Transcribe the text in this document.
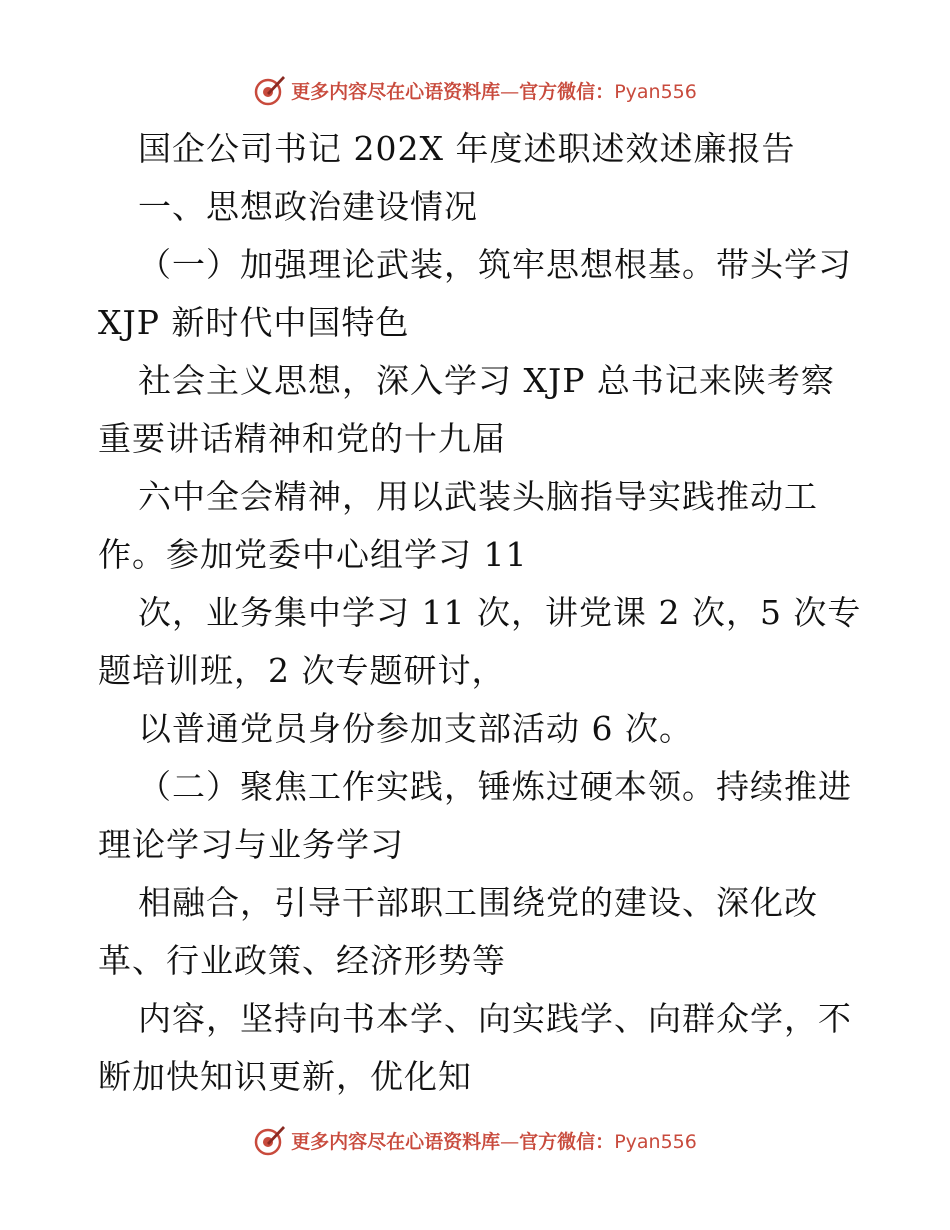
更多内容尽在心语资料库—官方微信：Pyan556
国企公司书记 202X 年度述职述效述廉报告
一、思想政治建设情况
（一）加强理论武装，筑牢思想根基。带头学习
XJP 新时代中国特色
社会主义思想，深入学习 XJP 总书记来陕考察
重要讲话精神和党的十九届
六中全会精神，用以武装头脑指导实践推动工
作。参加党委中心组学习 11
次，业务集中学习 11 次，讲党课 2 次，5 次专
题培训班，2 次专题研讨，
以普通党员身份参加支部活动 6 次。
（二）聚焦工作实践，锤炼过硬本领。持续推进
理论学习与业务学习
相融合，引导干部职工围绕党的建设、深化改
革、行业政策、经济形势等
内容，坚持向书本学、向实践学、向群众学，不
断加快知识更新，优化知
更多内容尽在心语资料库—官方微信：Pyan556
